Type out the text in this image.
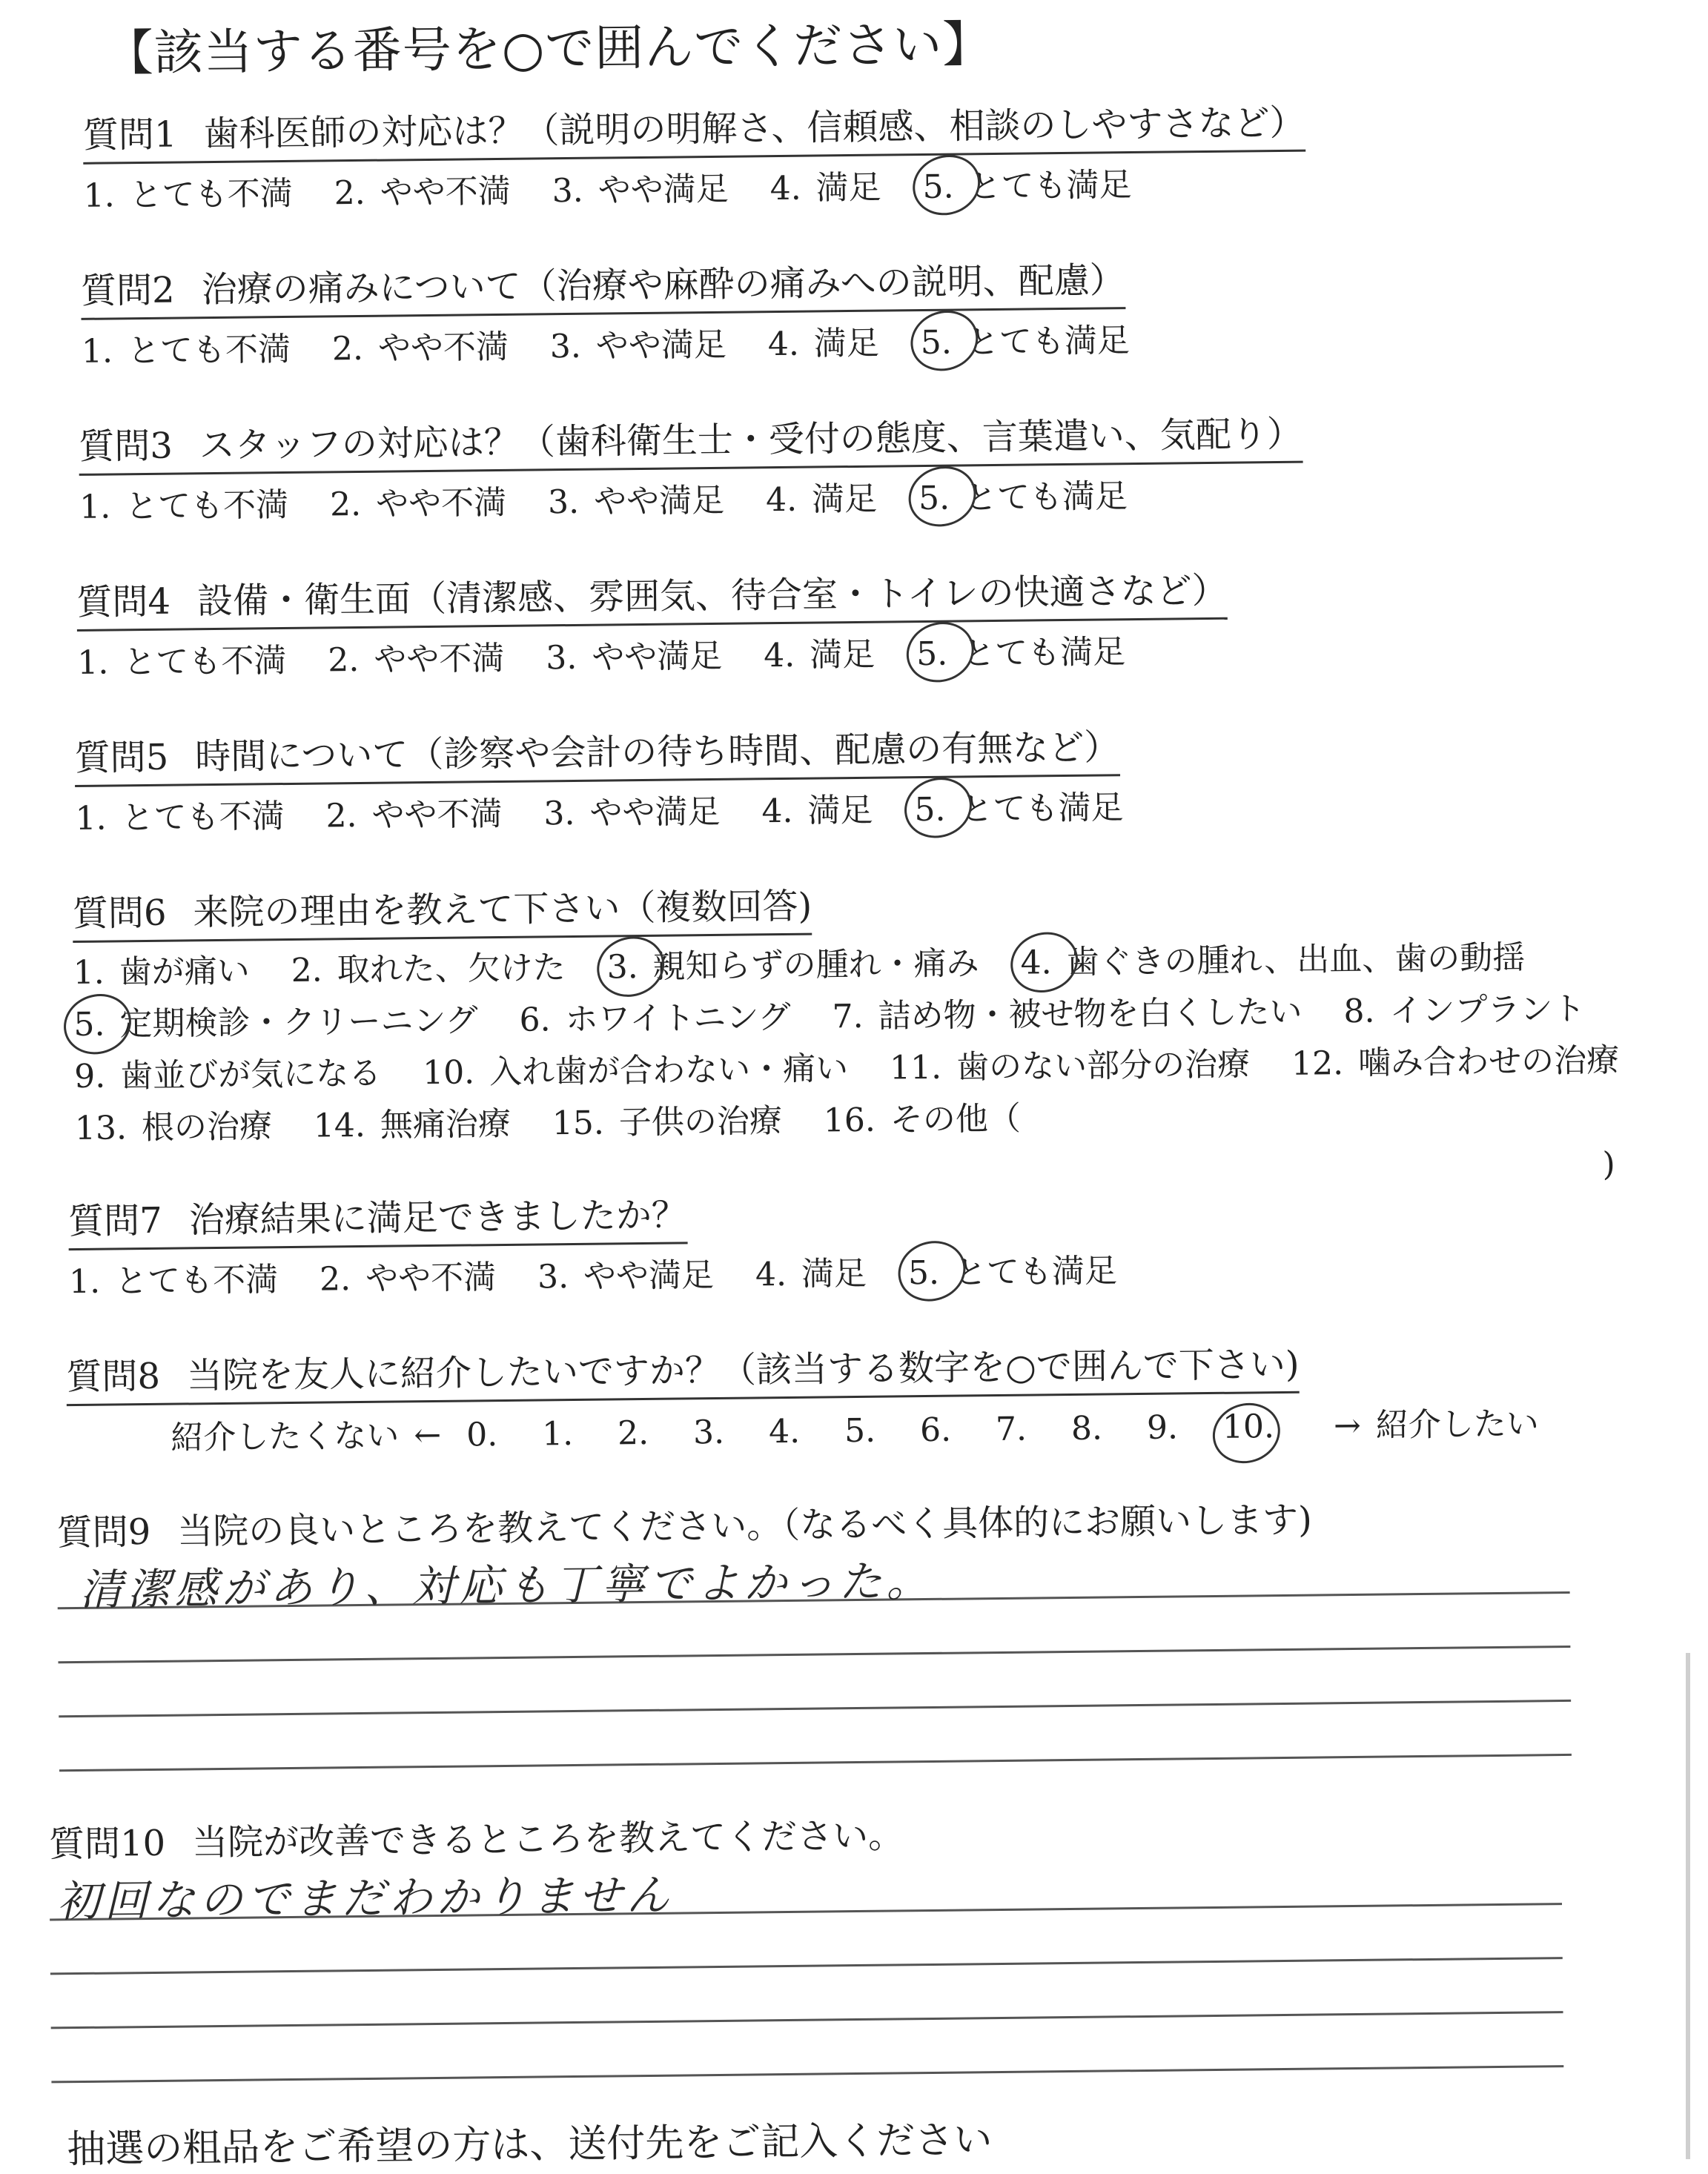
【該当する番号を○で囲んでください】
質問1 歯科医師の対応は？（説明の明解さ、信頼感、相談のしやすさなど）
1. とても不満 2. やや不満 3. やや満足 4. 満足 5. とても満足
質問2 治療の痛みについて（治療や麻酔の痛みへの説明、配慮）
1. とても不満 2. やや不満 3. やや満足 4. 満足 5. とても満足
質問3 スタッフの対応は？（歯科衛生士・受付の態度、言葉遣い、気配り）
1. とても不満 2. やや不満 3. やや満足 4. 満足 5. とても満足
質問4 設備・衛生面（清潔感、雰囲気、待合室・トイレの快適さなど）
1. とても不満 2. やや不満 3. やや満足 4. 満足 5. とても満足
質問5 時間について（診察や会計の待ち時間、配慮の有無など）
1. とても不満 2. やや不満 3. やや満足 4. 満足 5. とても満足
質問6 来院の理由を教えて下さい（複数回答)
1. 歯が痛い 2. 取れた、欠けた 3. 親知らずの腫れ・痛み 4. 歯ぐきの腫れ、出血、歯の動揺
5. 定期検診・クリーニング 6. ホワイトニング 7. 詰め物・被せ物を白くしたい 8. インプラント
9. 歯並びが気になる 10. 入れ歯が合わない・痛い 11. 歯のない部分の治療 12. 噛み合わせの治療
13. 根の治療 14. 無痛治療 15. 子供の治療 16. その他（
)
質問7 治療結果に満足できましたか？
1. とても不満 2. やや不満 3. やや満足 4. 満足 5. とても満足
質問8 当院を友人に紹介したいですか？（該当する数字を○で囲んで下さい)
紹介したくない ← 0. 1. 2. 3. 4. 5. 6. 7. 8. 9. 10. → 紹介したい
質問9 当院の良いところを教えてください。（なるべく具体的にお願いします)
清潔感があり、対応も丁寧でよかった。
質問10 当院が改善できるところを教えてください。
初回なのでまだわかりません
抽選の粗品をご希望の方は、送付先をご記入ください
